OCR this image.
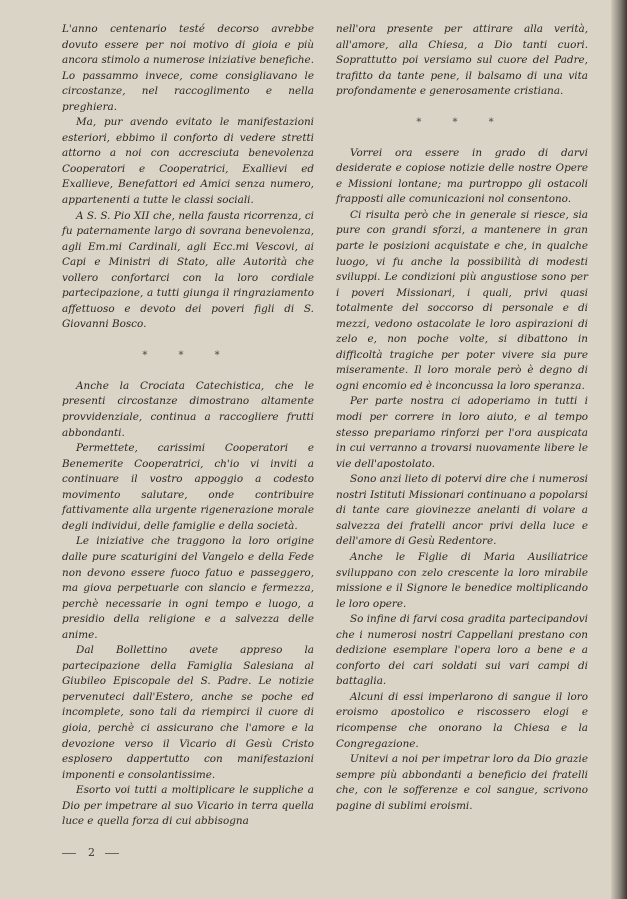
L'anno centenario testé decorso avrebbe dovuto essere per noi motivo di gioia e più ancora stimolo a numerose iniziative benefiche. Lo passammo invece, come consigliavano le circostanze, nel raccoglimento e nella preghiera.

Ma, pur avendo evitato le manifestazioni esteriori, ebbimo il conforto di vedere stretti attorno a noi con accresciuta benevolenza Cooperatori e Cooperatrici, Exallievi ed Exallieve, Benefattori ed Amici senza numero, appartenenti a tutte le classi sociali.

A S. S. Pio XII che, nella fausta ricorrenza, ci fu paternamente largo di sovrana benevolenza, agli Em.mi Cardinali, agli Ecc.mi Vescovi, ai Capi e Ministri di Stato, alle Autorità che vollero confortarci con la loro cordiale partecipazione, a tutti giunga il ringraziamento affettuoso e devoto dei poveri figli di S. Giovanni Bosco.

* * *

Anche la Crociata Catechistica, che le presenti circostanze dimostrano altamente provvidenziale, continua a raccogliere frutti abbondanti.

Permettete, carissimi Cooperatori e Benemerite Cooperatrici, ch'io vi inviti a continuare il vostro appoggio a codesto movimento salutare, onde contribuire fattivamente alla urgente rigenerazione morale degli individui, delle famiglie e della società.

Le iniziative che traggono la loro origine dalle pure scaturigini del Vangelo e della Fede non devono essere fuoco fatuo e passeggero, ma giova perpetuarle con slancio e fermezza, perchè necessarie in ogni tempo e luogo, a presidio della religione e a salvezza delle anime.

Dal Bollettino avete appreso la partecipazione della Famiglia Salesiana al Giubileo Episcopale del S. Padre. Le notizie pervenuteci dall'Estero, anche se poche ed incomplete, sono tali da riempirci il cuore di gioia, perchè ci assicurano che l'amore e la devozione verso il Vicario di Gesù Cristo esplosero dappertutto con manifestazioni imponenti e consolantissime.

Esorto voi tutti a moltiplicare le suppliche a Dio per impetrare al suo Vicario in terra quella luce e quella forza di cui abbisogna

nell'ora presente per attirare alla verità, all'amore, alla Chiesa, a Dio tanti cuori. Soprattutto poi versiamo sul cuore del Padre, trafitto da tante pene, il balsamo di una vita profondamente e generosamente cristiana.

* * *

Vorrei ora essere in grado di darvi desiderate e copiose notizie delle nostre Opere e Missioni lontane; ma purtroppo gli ostacoli frapposti alle comunicazioni nol consentono.

Ci risulta però che in generale si riesce, sia pure con grandi sforzi, a mantenere in gran parte le posizioni acquistate e che, in qualche luogo, vi fu anche la possibilità di modesti sviluppi. Le condizioni più angustiose sono per i poveri Missionari, i quali, privi quasi totalmente del soccorso di personale e di mezzi, vedono ostacolate le loro aspirazioni di zelo e, non poche volte, si dibattono in difficoltà tragiche per poter vivere sia pure miseramente. Il loro morale però è degno di ogni encomio ed è inconcussa la loro speranza.

Per parte nostra ci adoperiamo in tutti i modi per correre in loro aiuto, e al tempo stesso prepariamo rinforzi per l'ora auspicata in cui verranno a trovarsi nuovamente libere le vie dell'apostolato.

Sono anzi lieto di potervi dire che i numerosi nostri Istituti Missionari continuano a popolarsi di tante care giovinezze anelanti di volare a salvezza dei fratelli ancor privi della luce e dell'amore di Gesù Redentore.

Anche le Figlie di Maria Ausiliatrice sviluppano con zelo crescente la loro mirabile missione e il Signore le benedice moltiplicando le loro opere.

So infine di farvi cosa gradita partecipandovi che i numerosi nostri Cappellani prestano con dedizione esemplare l'opera loro a bene e a conforto dei cari soldati sui vari campi di battaglia.

Alcuni di essi imperlarono di sangue il loro eroismo apostolico e riscossero elogi e ricompense che onorano la Chiesa e la Congregazione.

Unitevi a noi per impetrar loro da Dio grazie sempre più abbondanti a beneficio dei fratelli che, con le sofferenze e col sangue, scrivono pagine di sublimi eroismi.

2
